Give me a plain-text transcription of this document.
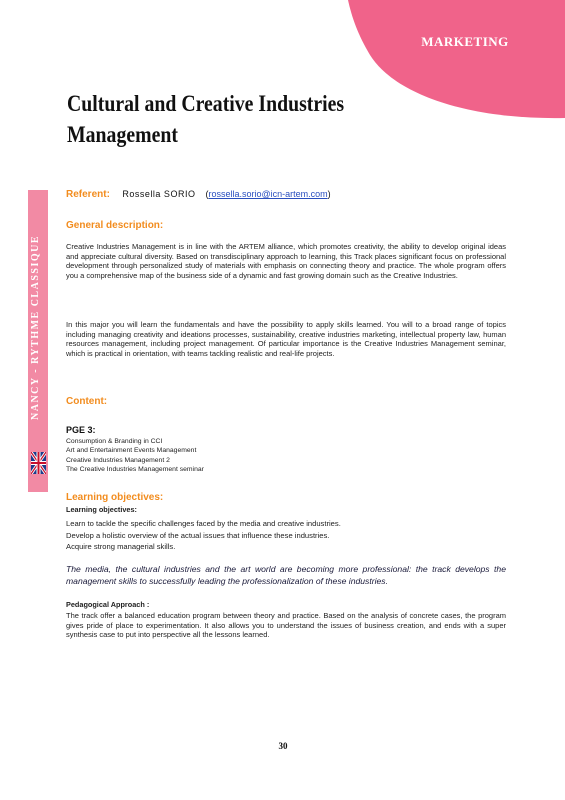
MARKETING
Cultural and Creative Industries Management
NANCY - RYTHME CLASSIQUE
Referent: Rossella SORIO    (rossella.sorio@icn-artem.com)
General description:

Creative Industries Management is in line with the ARTEM alliance, which promotes creativity, the ability to develop original ideas and appreciate cultural diversity. Based on transdisciplinary approach to learning, this Track places significant focus on professional development through personalized study of materials with emphasis on connecting theory and practice. The whole program offers you a comprehensive map of the business side of a dynamic and fast growing domain such as the Creative Industries.

In this major you will learn the fundamentals and have the possibility to apply skills learned. You will to a broad range of topics including managing creativity and ideations processes, sustainability, creative industries marketing, intellectual property law, human resources management, including project management. Of particular importance is the Creative Industries Management seminar, which is practical in orientation, with teams tackling realistic and real-life projects.

Content:
PGE 3:
Consumption & Branding in CCI
Art and Entertainment Events Management
Creative Industries Management 2
The Creative Industries Management seminar
Learning objectives:
Learning objectives:
Learn to tackle the specific challenges faced by the media and creative industries.
Develop a holistic overview of the actual issues that influence these industries.
Acquire strong managerial skills.

The media, the cultural industries and the art world are becoming more professional: the track develops the management skills to successfully leading the professionalization of these industries.

Pedagogical Approach :

The track offer a balanced education program between theory and practice. Based on the analysis of concrete cases, the program gives pride of place to experimentation. It also allows you to understand the issues of business creation, and ends with a super synthesis case to put into perspective all the lessons learned.

30
